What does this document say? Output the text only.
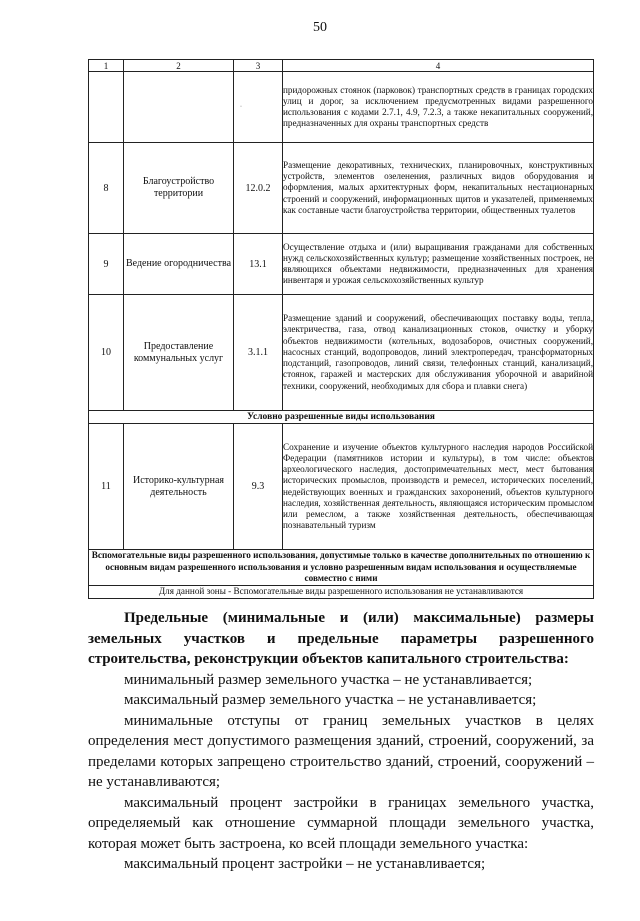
50
1	2	3	4
		·	придорожных стоянок (парковок) транспортных средств в границах городских улиц и дорог, за исключением предусмотренных видами разрешенного использования с кодами 2.7.1, 4.9, 7.2.3, а также некапитальных сооружений, предназначенных для охраны транспортных средств
8	Благоустройство территории	12.0.2	Размещение декоративных, технических, планировочных, конструктивных устройств, элементов озеленения, различных видов оборудования и оформления, малых архитектурных форм, некапитальных нестационарных строений и сооружений, информационных щитов и указателей, применяемых как составные части благоустройства территории, общественных туалетов
9	Ведение огородничества	13.1	Осуществление отдыха и (или) выращивания гражданами для собственных нужд сельскохозяйственных культур; размещение хозяйственных построек, не являющихся объектами недвижимости, предназначенных для хранения инвентаря и урожая сельскохозяйственных культур
10	Предоставление коммунальных услуг	3.1.1	Размещение зданий и сооружений, обеспечивающих поставку воды, тепла, электричества, газа, отвод канализационных стоков, очистку и уборку объектов недвижимости (котельных, водозаборов, очистных сооружений, насосных станций, водопроводов, линий электропередач, трансформаторных подстанций, газопроводов, линий связи, телефонных станций, канализаций, стоянок, гаражей и мастерских для обслуживания уборочной и аварийной техники, сооружений, необходимых для сбора и плавки снега)
Условно разрешенные виды использования			
11	Историко-культурная деятельность	9.3	Сохранение и изучение объектов культурного наследия народов Российской Федерации (памятников истории и культуры), в том числе: объектов археологического наследия, достопримечательных мест, мест бытования исторических промыслов, производств и ремесел, исторических поселений, недействующих военных и гражданских захоронений, объектов культурного наследия, хозяйственная деятельность, являющаяся историческим промыслом или ремеслом, а также хозяйственная деятельность, обеспечивающая познавательный туризм
Вспомогательные виды разрешенного использования, допустимые только в качестве дополнительных по отношению к основным видам разрешенного использования и условно разрешенным видам использования и осуществляемые совместно с ними			
Для данной зоны - Вспомогательные виды разрешенного использования не устанавливаются			

Предельные (минимальные и (или) максимальные) размеры земельных участков и предельные параметры разрешенного строительства, реконструкции объектов капитального строительства:

минимальный размер земельного участка – не устанавливается;

максимальный размер земельного участка – не устанавливается;

минимальные отступы от границ земельных участков в целях определения мест допустимого размещения зданий, строений, сооружений, за пределами которых запрещено строительство зданий, строений, сооружений – не устанавливаются;

максимальный процент застройки в границах земельного участка, определяемый как отношение суммарной площади земельного участка, которая может быть застроена, ко всей площади земельного участка:

максимальный процент застройки – не устанавливается;
